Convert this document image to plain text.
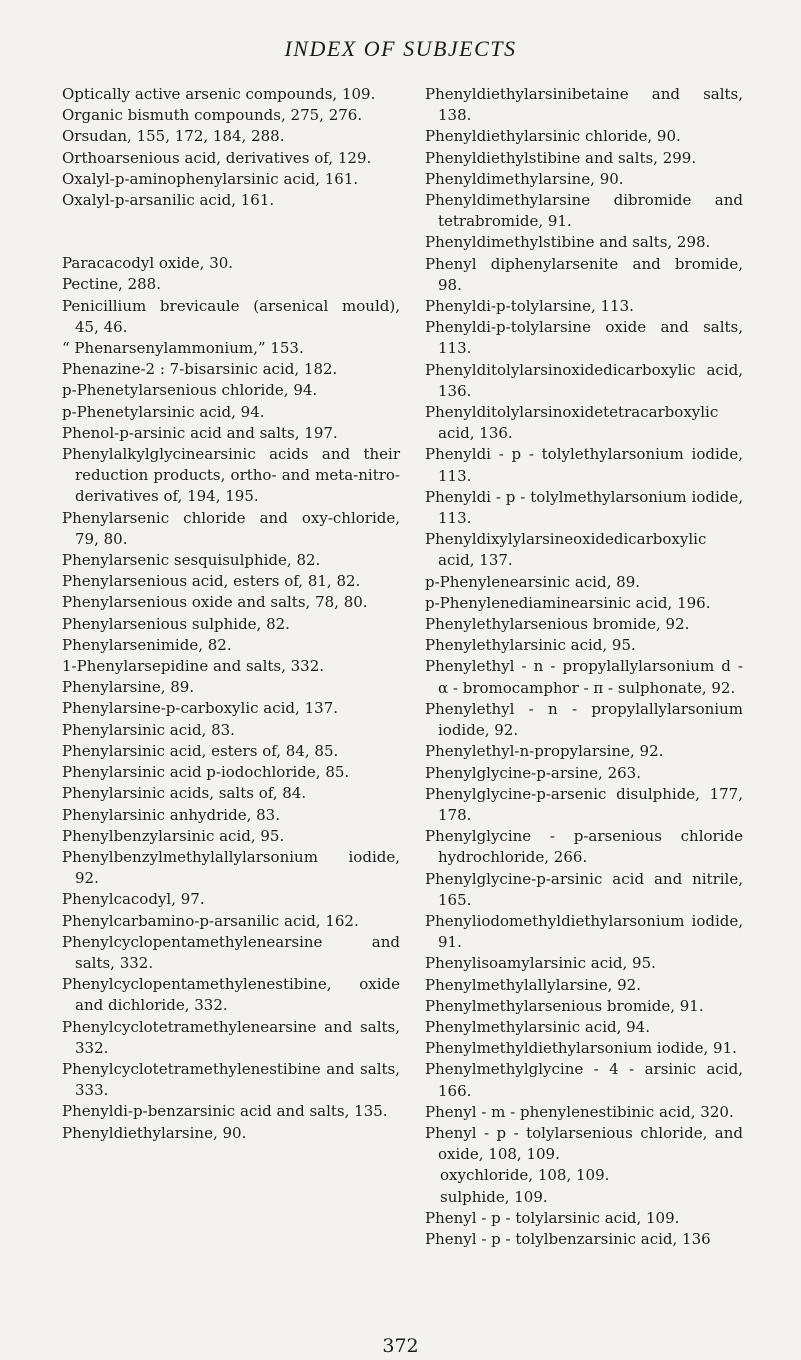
INDEX OF SUBJECTS

Optically active arsenic compounds, 109.

Organic bismuth compounds, 275, 276.

Orsudan, 155, 172, 184, 288.

Orthoarsenious acid, derivatives of, 129.

Oxalyl-p-aminophenylarsinic acid, 161.

Oxalyl-p-arsanilic acid, 161.

Paracacodyl oxide, 30.

Pectine, 288.

Penicillium brevicaule (arsenical mould), 45, 46.

“ Phenarsenylammonium,” 153.

Phenazine-2 : 7-bisarsinic acid, 182.

p-Phenetylarsenious chloride, 94.

p-Phenetylarsinic acid, 94.

Phenol-p-arsinic acid and salts, 197.

Phenylalkylglycinearsinic acids and their reduction products, ortho- and meta-nitro-derivatives of, 194, 195.

Phenylarsenic chloride and oxy-chloride, 79, 80.

Phenylarsenic sesquisulphide, 82.

Phenylarsenious acid, esters of, 81, 82.

Phenylarsenious oxide and salts, 78, 80.

Phenylarsenious sulphide, 82.

Phenylarsenimide, 82.

1-Phenylarsepidine and salts, 332.

Phenylarsine, 89.

Phenylarsine-p-carboxylic acid, 137.

Phenylarsinic acid, 83.

Phenylarsinic acid, esters of, 84, 85.

Phenylarsinic acid p-iodochloride, 85.

Phenylarsinic acids, salts of, 84.

Phenylarsinic anhydride, 83.

Phenylbenzylarsinic acid, 95.

Phenylbenzylmethylallylarsonium iodide, 92.

Phenylcacodyl, 97.

Phenylcarbamino-p-arsanilic acid, 162.

Phenylcyclopentamethylenearsine and salts, 332.

Phenylcyclopentamethylenestibine, oxide and dichloride, 332.

Phenylcyclotetramethylenearsine and salts, 332.

Phenylcyclotetramethylenestibine and salts, 333.

Phenyldi-p-benzarsinic acid and salts, 135.

Phenyldiethylarsine, 90.

Phenyldiethylarsinibetaine and salts, 138.

Phenyldiethylarsinic chloride, 90.

Phenyldiethylstibine and salts, 299.

Phenyldimethylarsine, 90.

Phenyldimethylarsine dibromide and tetrabromide, 91.

Phenyldimethylstibine and salts, 298.

Phenyl diphenylarsenite and bromide, 98.

Phenyldi-p-tolylarsine, 113.

Phenyldi-p-tolylarsine oxide and salts, 113.

Phenylditolylarsinoxidedicarboxylic acid, 136.

Phenylditolylarsinoxidetetracarboxylic acid, 136.

Phenyldi - p - tolylethylarsonium iodide, 113.

Phenyldi - p - tolylmethylarsonium iodide, 113.

Phenyldixylylarsineoxidedicarboxylic acid, 137.

p-Phenylenearsinic acid, 89.

p-Phenylenediaminearsinic acid, 196.

Phenylethylarsenious bromide, 92.

Phenylethylarsinic acid, 95.

Phenylethyl - n - propylallylarsonium d - α - bromocamphor - π - sulphonate, 92.

Phenylethyl - n - propylallylarsonium iodide, 92.

Phenylethyl-n-propylarsine, 92.

Phenylglycine-p-arsine, 263.

Phenylglycine-p-arsenic disulphide, 177, 178.

Phenylglycine - p-arsenious chloride hydrochloride, 266.

Phenylglycine-p-arsinic acid and nitrile, 165.

Phenyliodomethyldiethylarsonium iodide, 91.

Phenylisoamylarsinic acid, 95.

Phenylmethylallylarsine, 92.

Phenylmethylarsenious bromide, 91.

Phenylmethylarsinic acid, 94.

Phenylmethyldiethylarsonium iodide, 91.

Phenylmethylglycine - 4 - arsinic acid, 166.

Phenyl - m - phenylenestibinic acid, 320.

Phenyl - p - tolylarsenious chloride, and oxide, 108, 109.

oxychloride, 108, 109.

sulphide, 109.

Phenyl - p - tolylarsinic acid, 109.

Phenyl - p - tolylbenzarsinic acid, 136

372
